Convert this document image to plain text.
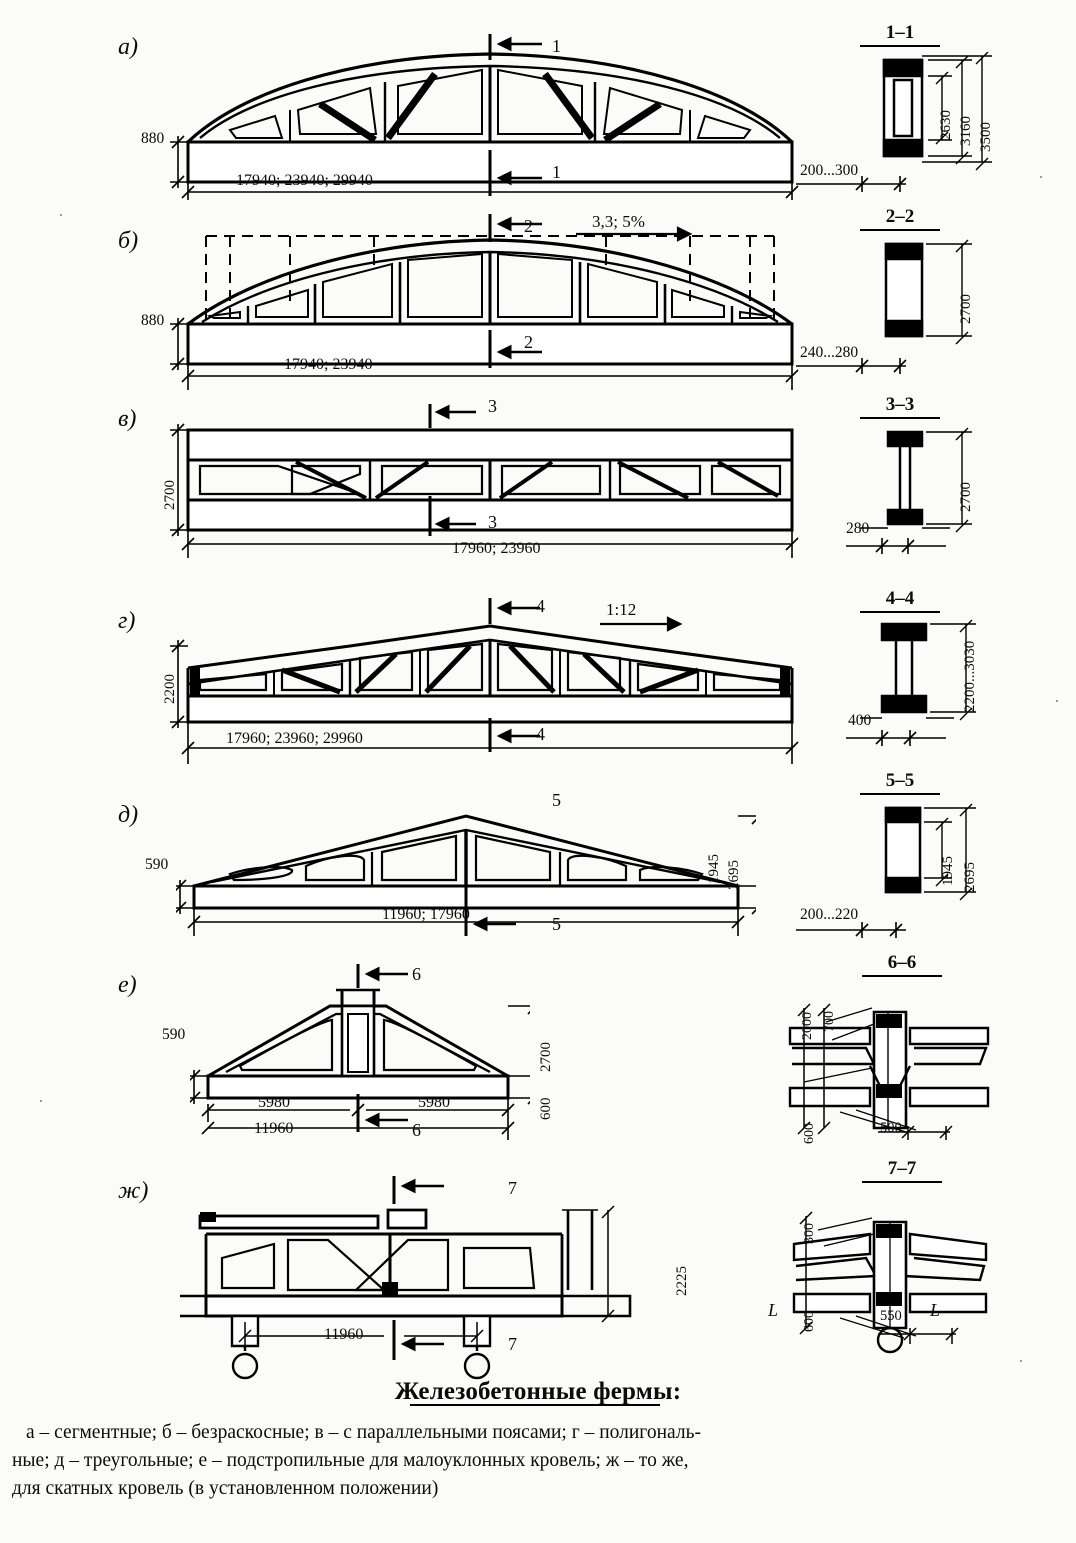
а)
17940; 23940; 29940
880
1
1
1–1
2630 3160 3500
200...300
б)
2
2
3,3; 5%
880
17940; 23940
2–2
2700
240...280
в)	3
3
2700
17960; 23960
3–3
2700
280
г)
4
4
1:12
2200
17960; 23960; 29960
4–4
2200...3030
400
д)
5
5
590
11960; 17960
1945 2695
5–5
1945 2695
200...220
е)	6
6
590
5980	5980
11960
2700
600
6–6
2000 700
600	500
ж)	7
7
11960
2225
7–7
300
600	550
L	L
Железобетонные фермы:
а – сегментные; б – безраскосные; в – с параллельными поясами; г – полигональ-
ные; д – треугольные; е – подстропильные для малоуклонных кровель; ж – то же,
для скатных кровель (в установленном положении)
